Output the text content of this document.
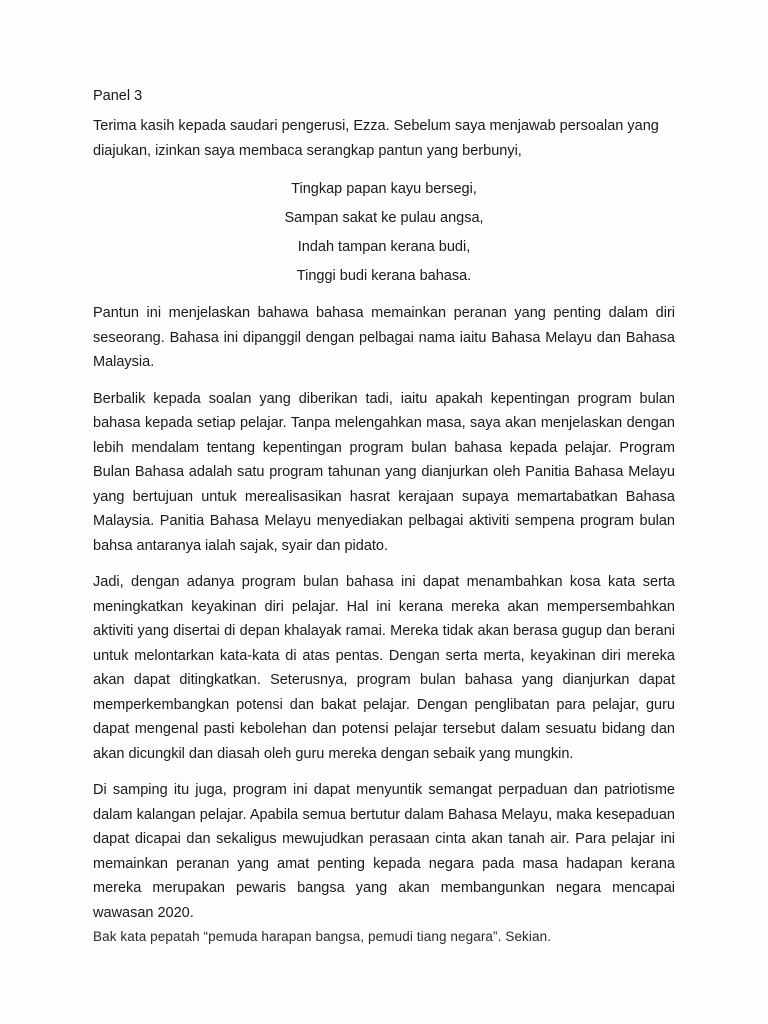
Panel 3

Terima kasih kepada saudari pengerusi, Ezza. Sebelum saya menjawab persoalan yang diajukan, izinkan saya membaca serangkap pantun yang berbunyi,

Tingkap papan kayu bersegi,
Sampan sakat ke pulau angsa,
Indah tampan kerana budi,
Tinggi budi kerana bahasa.

Pantun ini menjelaskan bahawa bahasa memainkan peranan yang penting dalam diri seseorang. Bahasa ini dipanggil dengan pelbagai nama iaitu Bahasa Melayu dan Bahasa Malaysia.

Berbalik kepada soalan yang diberikan tadi, iaitu apakah kepentingan program bulan bahasa kepada setiap pelajar. Tanpa melengahkan masa, saya akan menjelaskan dengan lebih mendalam tentang kepentingan program bulan bahasa kepada pelajar. Program Bulan Bahasa adalah satu program tahunan yang dianjurkan oleh Panitia Bahasa Melayu yang bertujuan untuk merealisasikan hasrat kerajaan supaya memartabatkan Bahasa Malaysia. Panitia Bahasa Melayu menyediakan pelbagai aktiviti sempena program bulan bahsa antaranya ialah sajak, syair dan pidato.

Jadi, dengan adanya program bulan bahasa ini dapat menambahkan kosa kata serta meningkatkan keyakinan diri pelajar. Hal ini kerana mereka akan mempersembahkan aktiviti yang disertai di depan khalayak ramai. Mereka tidak akan berasa gugup dan berani untuk melontarkan kata-kata di atas pentas. Dengan serta merta, keyakinan diri mereka akan dapat ditingkatkan. Seterusnya, program bulan bahasa yang dianjurkan dapat memperkembangkan potensi dan bakat pelajar. Dengan penglibatan para pelajar, guru dapat mengenal pasti kebolehan dan potensi pelajar tersebut dalam sesuatu bidang dan akan dicungkil dan diasah oleh guru mereka dengan sebaik yang mungkin.

Di samping itu juga, program ini dapat menyuntik semangat perpaduan dan patriotisme dalam kalangan pelajar. Apabila semua bertutur dalam Bahasa Melayu, maka kesepaduan dapat dicapai dan sekaligus mewujudkan perasaan cinta akan tanah air. Para pelajar ini memainkan peranan yang amat penting kepada negara pada masa hadapan kerana mereka merupakan pewaris bangsa yang akan membangunkan negara mencapai wawasan 2020.

Bak kata pepatah “pemuda harapan bangsa, pemudi tiang negara”. Sekian.
